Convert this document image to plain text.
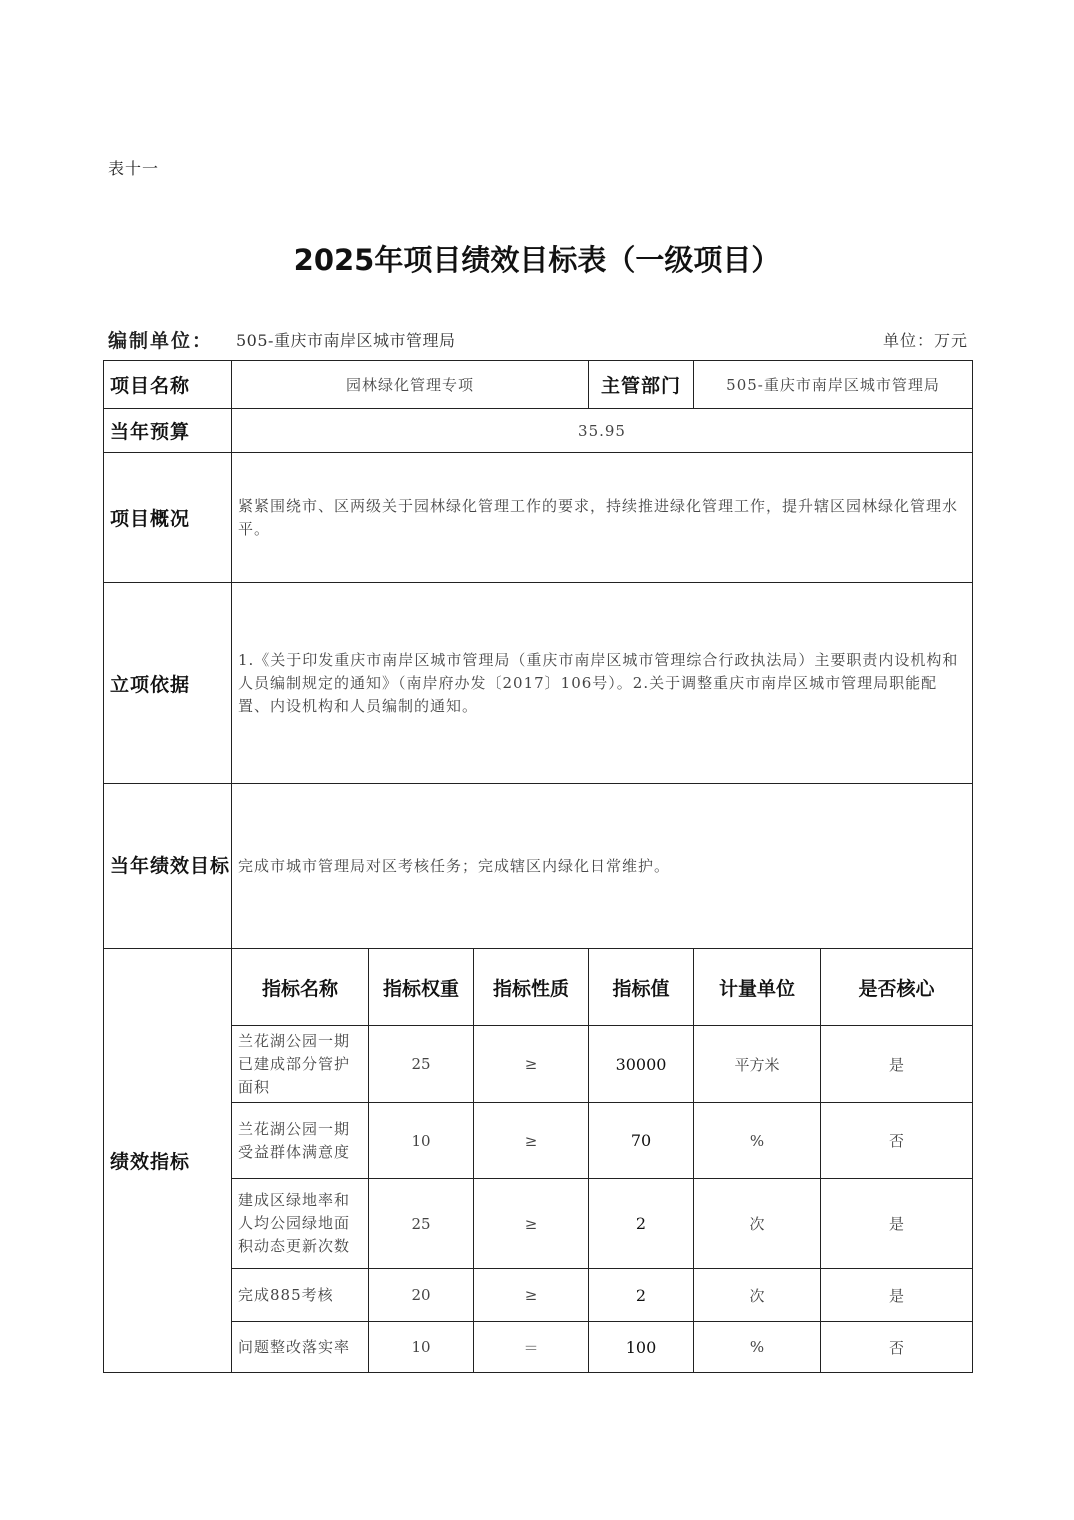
表十一
2025年项目绩效目标表（一级项目）
编制单位： 505-重庆市南岸区城市管理局	单位：万元
项目名称	园林绿化管理专项			主管部门	505-重庆市南岸区城市管理局	
当年预算	35.95					
项目概况	紧紧围绕市、区两级关于园林绿化管理工作的要求，持续推进绿化管理工作，提升辖区园林绿化管理水平。					
立项依据	1.《关于印发重庆市南岸区城市管理局（重庆市南岸区城市管理综合行政执法局）主要职责内设机构和人员编制规定的通知》（南岸府办发〔2017〕106号）。2.关于调整重庆市南岸区城市管理局职能配置、内设机构和人员编制的通知。					
当年绩效目标	完成市城市管理局对区考核任务；完成辖区内绿化日常维护。					
绩效指标	指标名称	指标权重	指标性质	指标值	计量单位	是否核心
	兰花湖公园一期已建成部分管护面积	25	≥	30000	平方米	是
	兰花湖公园一期受益群体满意度	10	≥	70	%	否
	建成区绿地率和人均公园绿地面积动态更新次数	25	≥	2	次	是
	完成885考核	20	≥	2	次	是
	问题整改落实率	10	＝	100	%	否
